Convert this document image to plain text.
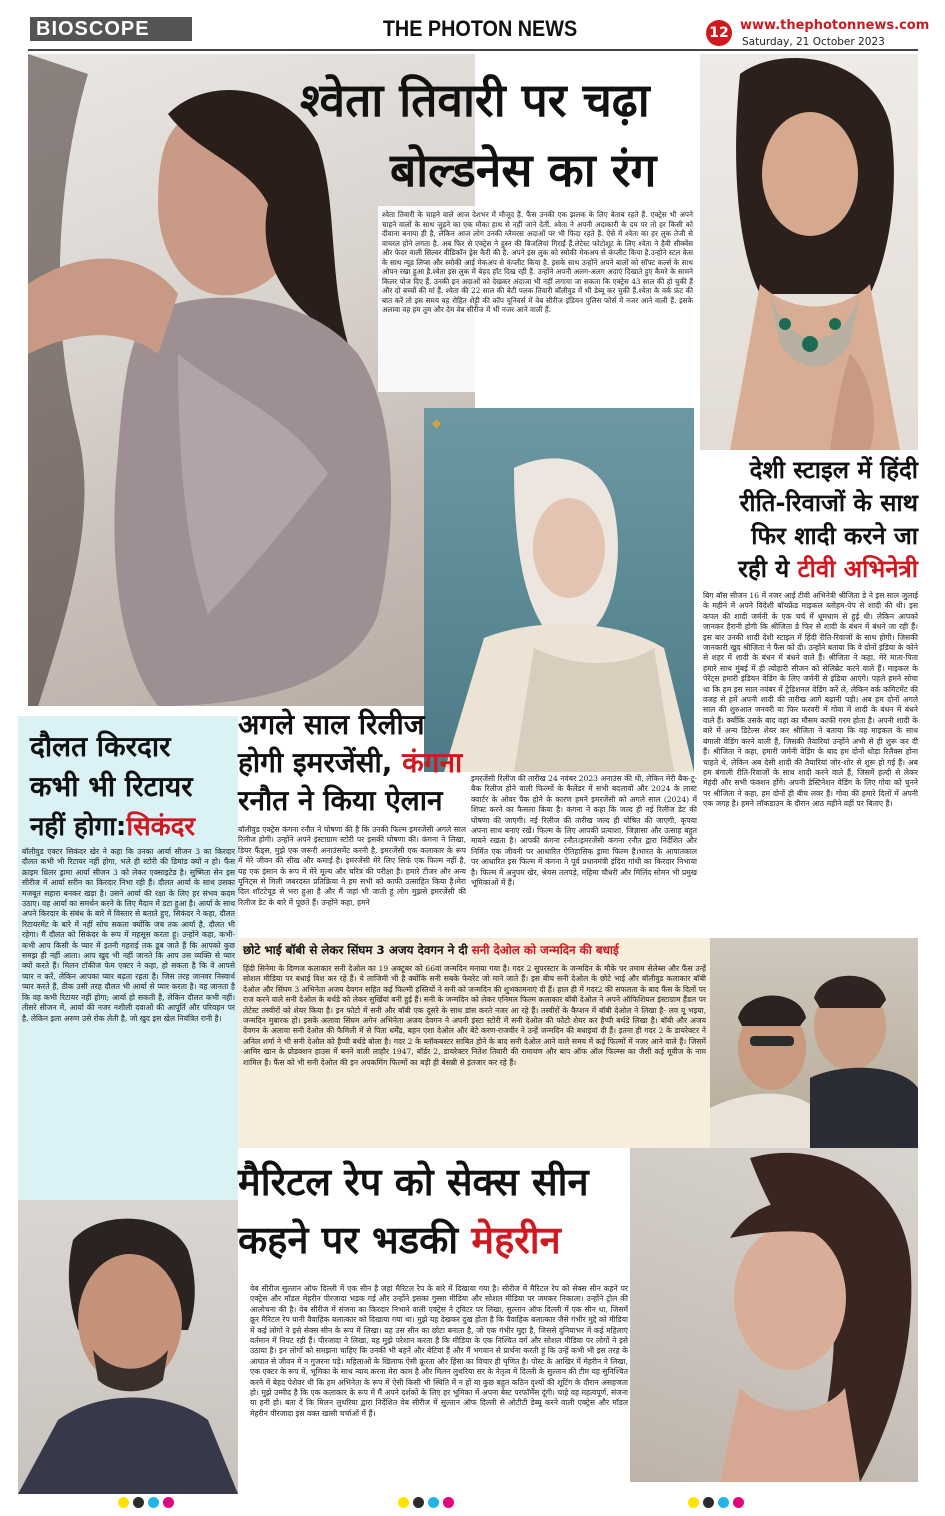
BIOSCOPE	THE PHOTON NEWS	12 www.thephotonnews.com
Saturday, 21 October 2023
श्वेता तिवारी पर चढ़ा
बोल्डनेस का रंग

श्वेता तिवारी के चाहने वाले आज देशभर में मौजूद हैं. फैंस उनकी एक झलक के लिए बेताब रहते हैं. एक्ट्रेस भी अपने चाहने वालों के साथ जुड़ने का एक मौका हाथ से नहीं जाने देतीं. श्वेता ने अपनी अदाकारी के दम पर तो हर किसी को दीवाना बनाया ही है, लेकिन आज लोग उनकी ग्लैमरस अदाओं पर भी फिदा रहते हैं. ऐसे में श्वेता का हर लुक तेजी से वायरल होने लगता है. अब फिर से एक्ट्रेस ने हुस्न की बिजलियां गिराईं हैं.लेटेस्ट फोटोशूट के लिए श्वेता ने हैवी सीक्वेंस और फेदर वाली सिल्वर वीडिकॉन ड्रेस कैरी की है. अपने इस लुक को स्मोकी मेकअप से कंप्लीट किया है.उन्होंने स्टल केस के साथ न्यूड लिप्स और स्मोकी आई मेकअप से कंप्लीट किया है. इसके साथ उन्होंने अपने बालों को सॉफ्ट कर्ल्स के साथ ओपन रखा हुआ है.श्वेता इस लुक में बेहद हॉट दिख रही हैं. उन्होंने अपनी अलग-अलग अदाएं दिखाते हुए कैमरे के सामने किलर पोज दिए हैं. उनकी इन अदाओं को देखकर अंदाजा भी नहीं लगाया जा सकता कि एक्ट्रेस 43 साल की हो चुकी हैं और दो बच्चों की मां हैं. श्वेता की 22 साल की बेटी पलक तिवारी बॉलीवुड में भी डेब्यू कर चुकी हैं.श्वेता के वर्क फ्रंट की बात करें तो इस समय वह रोहित शेट्टी की कॉप यूनिवर्स में वेब सीरीज इंडियन पुलिस फोर्स में नजर आने वाली हैं. इसके अलावा वह हम तुम और देम वेब सीरीज में भी नजर आने वाली हैं.

◆
देशी स्टाइल में हिंदी
रीति-रिवाजों के साथ
फिर शादी करने जा
रही ये टीवी अभिनेत्री

बिग बॉस सीजन 16 में नजर आईं टीवी अभिनेत्री श्रीजिता डे ने इस साल जुलाई के महीने में अपने विदेशी बॉयफ्रेंड माइकल ब्लोहम-पेप से शादी की थी। इस कपल की शादी जर्मनी के एक चर्च में धूमधाम से हुई थी। लेकिन आपको जानकर हैरानी होगी कि श्रीजिता डे फिर से शादी के बंधन में बंधने जा रही हैं। इस बार उनकी शादी देशी स्टाइल में हिंदी रीति-रिवाजों के साथ होगी। जिसकी जानकारी खुद श्रीजिता ने फैंस को दी। उन्होंने बताया कि वे दोनों इंडिया के कोने से शहर में शादी के बंधन में बंधने वाले हैं। श्रीजिता ने कहा, मेरे माता-पिता हमारे साथ मुंबई में ही त्योहारी सीजन को सेलिब्रेट करने वाले हैं। माइकल के पेरेंट्स हमारी इंडियन वेडिंग के लिए जर्मनी से इंडिया आएंगे। पहले हमने सोचा था कि हम इस साल नवंबर में ट्रेडिशनल वेडिंग करें ले, लेकिन वर्क कमिटमेंट की वजह से हमें अपनी शादी की तारीख आगे बढ़ानी पड़ी। अब हम दोनों अगले साल की शुरुआत जनवरी या फिर फरवरी में गोवा में शादी के बंधन में बंधने वाले हैं। क्योंकि उसके बाद वहां का मौसम काफी गरम होता है। अपनी शादी के बारे में अन्य डिटेल्स शेयर कर श्रीजिता ने बताया कि वह माइकल के साथ बंगाली वेडिंग करने वाली हैं, जिसकी तैयारियां उन्होंने अभी से ही शुरू कर दी हैं। श्रीजिता ने कहा, हमारी जर्मनी वेडिंग के बाद हम दोनों थोड़ा रिलैक्स होना चाहते थे, लेकिन अब देसी शादी की तैयारियां जोर-शोर से शुरू हो गई हैं। अब हम बंगाली रीति-रिवाजों के साथ शादी करने वाले हैं, जिसमें हल्दी से लेकर मेहंदी और सभी फंक्शन होंगे। अपनी डेस्टिनेशन वेडिंग के लिए गोवा को चुनने पर श्रीजिता ने कहा, हम दोनों ही बीच लवर हैं। गोवा की हमारे दिलों में अपनी एक जगह है। हमने लॉकडाउन के दौरान आठ महीने वहीं पर बिताए हैं।

दौलत किरदार
कभी भी रिटायर
नहीं होगा:सिकंदर

बॉलीवुड एक्टर सिकंदर खेर ने कहा कि उनका आर्या सीजन 3 का किरदार दौलत कभी भी रिटायर नहीं होगा, भले ही स्टोरी की डिमांड क्यों न हो। फैंस क्राइम थ्रिलर ड्रामा आर्या सीजन 3 को लेकर एक्साइटेड है। सुष्मिता सेन इस सीरीज में आर्या सरीन का किरदार निभा रही हैं। दौलत आर्या के साथ उसका मजबूत सहारा बनकर खड़ा है। उसने आर्या की रक्षा के लिए हर संभव कदम उठाए। वह आर्या का समर्थन करने के लिए मैदान में डटा हुआ है। आर्या के साथ अपने किरदार के संबंध के बारे में विस्तार से बताते हुए, सिकंदर ने कहा, दौलत रिटायरमेंट के बारे में नहीं सोच सकता क्योंकि जब तक आर्या है, दौलत भी रहेगा। मैं दौलत को सिकंदर के रूप में महसूस करता हूं। उन्होंने कहा, कभी-कभी आप किसी के प्यार में इतनी गहराई तक डूब जाते हैं कि आपको कुछ समझ ही नहीं आता। आप खुद भी नहीं जानते कि आप उस व्यक्ति से प्यार क्यों करते हैं। मिलन टॉकीज फेम एक्टर ने कहा, हो सकता है कि वे आपसे प्यार न करें, लेकिन आपका प्यार बढ़ता रहता है। जिस तरह जानवर निस्वार्थ प्यार करते हैं, ठीक उसी तरह दौलत भी आर्या से प्यार करता है। वह जानता है कि वह कभी रिटायर नहीं होगा; आर्या हो सकती है, लेकिन दौलत कभी नहीं। तीसरे सीजन में, आर्या की नजर नशीली दवाओं की आपूर्ति और परिवहन पर है, लेकिन इला अरुण उसे रोक लेती है, जो खुद इस खेल नियंत्रित रानी है।

अगले साल रिलीज
होगी इमरजेंसी, कंगना
रनौत ने किया ऐलान

बॉलीवुड एक्ट्रेस कंगना रनौत ने घोषणा की है कि उनकी फिल्म इमरजेंसी अगले साल रिलीज होगी। उन्होंने अपने इंस्टाग्राम स्टोरी पर इसकी घोषणा की। कंगना ने लिखा, डियर फैंड्स, मुझे एक जरूरी अनाउंसमेंट करनी है, इमरजेंसी एक कलाकार के रूप में मेरे जीवन की सीख और कमाई है। इमरजेंसी मेरे लिए सिर्फ एक फिल्म नहीं है, यह एक इंसान के रूप में मेरे मूल्य और चरित्र की परीक्षा है। हमारे टीजर और अन्य यूनिट्स से मिली जबरदस्त प्रतिक्रिया ने हम सभी को काफी उत्साहित किया है।मेरा दिल शॉटटेयूड से भरा हुआ है और मैं जहां भी जाती हूं लोग मुझसे इमरजेंसी की रिलीज डेट के बारे में पूछते हैं। उन्होंने कहा, हमने

इमरजेंसी रिलीज की तारीख 24 नवंबर 2023 अनाउंस की थी, लेकिन मेरी बैक-टू-बैक रिलीज होने वाली फिल्मों के कैलेंडर में सभी बदलावों और 2024 के लास्ट क्वार्टर के ओवर पैक होने के कारण हमने इमरजेंसी को अगले साल (2024) में शिफ्ट करने का फैसला किया है। कंगना ने कहा कि जल्द ही नई रिलीज डेट की घोषणा की जाएगी। नई रिलीज की तारीख जल्द ही घोषित की जाएगी, कृपया अपना साथ बनाए रखें। फिल्म के लिए आपकी प्रत्याशा, जिज्ञासा और उत्साह बहुत मायने रखता है। आपकी कंगना रनौत।इमरजेंसी कंगना रनौत द्वारा निर्देशित और निर्मित एक जीवनी पर आधारित ऐतिहासिक ड्रामा फिल्म है।भारत के आपातकाल पर आधारित इस फिल्म में कंगना ने पूर्व प्रधानमंत्री इंदिरा गांधी का किरदार निभाया है। फिल्म में अनुपम खेर, श्रेयस तलपड़े, महिमा चौधरी और मिलिंद सोमन भी प्रमुख भूमिकाओं में हैं।

छोटे भाई बॉबी से लेकर सिंघम 3 अजय देवगन ने दी सनी देओल को जन्मदिन की बधाई

हिंदी सिनेमा के दिग्गज कलाकार सनी देओल का 19 अक्टूबर को 66वां जन्मदिन मनाया गया है। गदर 2 सुपरस्टार के जन्मदिन के मौके पर तमाम सेलेब्स और फैंस उन्हें सोशल मीडिया पर बधाई विश कर रहे हैं। ये लाजिमी भी है क्योंकि सनी सबके फेवरेट जो माने जाते हैं। इस बीच सनी देओल के छोटे भाई और बॉलीवुड कलाकार बॉबी देओल और सिंघम 3 अभिनेता अजय देवगन सहित कई फिल्मी हस्तियों ने सनी को जन्मदिन की शुभकामनाएं दी हैं। हाल ही में गदर2 की सफलता के बाद फैंस के दिलों पर राज करने वाले सनी देओल के बर्थडे को लेकर सुर्खियां बनी हुई हैं। सनी के जन्मदिन को लेकर एनिमल फिल्म कलाकार बॉबी देओल ने अपने ऑफिशियल इंस्टाग्राम हैंडल पर लेटेस्ट तस्वीरों को शेयर किया है। इन फोटो में सनी और बॉबी एक दूसरे के साथ डांस करते नजर आ रहे हैं। तस्वीरों के कैप्शन में बॉबी देओल ने लिखा है- लव यू भइया, जन्मदिन मुबारक हो। इसके अलावा सिंघम अगेन अभिनेता अजय देवगन ने अपनी इंस्टा स्टोरी में सनी देओल की फोटो शेयर कर हैप्पी बर्थडे लिखा है। बॉबी और अजय देवगन के अलावा सनी देओल की फैमिली में से पिता धर्मेंद्र, बहन एशा देओल और बेटे करण-राजवीर ने उन्हें जन्मदिन की बधाइयां दी हैं। इतना ही गदर 2 के डायरेक्टर ने अनिल शर्मा ने भी सनी देओल को हैप्पी बर्थडे बोला है। गदर 2 के ब्लॉकबस्टर साबित होने के बाद सनी देओल आने वाले समय में कई फिल्मों में नजर आने वाले हैं। जिसमें आमिर खान के प्रोडक्शन हाउस में बनने वाली लाहौर 1947, बॉर्डर 2, डायरेक्टर नितेश तिवारी की रामायण और बाप ऑफ ऑल फिल्म्स का जैसी कई मूवीज के नाम शामिल हैं। फैंस को भी सनी देओल की इन अपकमिंग फिल्मों का बड़ी ही बेसब्री से इंतजार कर रहे हैं।

मैरिटल रेप को सेक्स सीन
कहने पर भडकी मेहरीन

वेब सीरीज सुल्तान ऑफ दिल्ली में एक सीन है जहां मैरिटल रेप के बारे में दिखाया गया है। सीरीज में मैरिटल रेप को सेक्स सीन कहने पर एक्ट्रेस और मॉडल मेहरीन पीरजादा भड़क गई और उन्होंने इसका गुस्सा मीडिया और सोशल मीडिया पर जमकर निकाला। उन्होंने ट्रोल की आलोचना की है। वेब सीरीज में संजना का किरदार निभाने वाली एक्ट्रेस ने ट्विटर पर लिखा, सुल्तान ऑफ दिल्ली में एक सीन था, जिसमें क्रूर मैरिटल रेप यानी वैवाहिक बलात्कार को दिखाया गया था। मुझे यह देखकर दुख होता है कि वैवाहिक बलात्कार जैसे गंभीर मुद्दे को मीडिया में कई लोगों ने इसे सेक्स सीन के रूप में लिखा। यह उस सीन का छोटा बनाता है, जो एक गंभीर मुद्दा है, जिससे दुनियाभर में कई महिलाएं वर्तमान में निपट रही हैं। पीरजादा ने लिखा, यह मुझे परेशान करता है कि मीडिया के एक निश्चित वर्ग और सोशल मीडिया पर लोगों ने इसे उठाया है। इन लोगों को समझना चाहिए कि उनकी भी बहनें और बेटियां हैं और मैं भगवान से प्रार्थना करती हूं कि उन्हें कभी भी इस तरह के आघात से जीवन में न गुजरना पड़े। महिलाओं के खिलाफ ऐसी क्रूरता और हिंसा का विचार ही घृणित है। पोस्ट के आखिर में मेहरीन ने लिखा, एक एक्टर के रूप में, भूमिका के साथ न्याय करना मेरा काम है और मिलन लुथरिया सर के नेतृत्व में दिल्ली के सुल्तान की टीम यह सुनिश्चित करने में बेहद पेशेवर थी कि हम अभिनेता के रूप में ऐसी किसी भी स्थिति में न हों या कुछ बहुत कठिन दृश्यों की शूटिंग के दौरान असहजता हो। मुझे उम्मीद है कि एक कलाकार के रूप में मैं अपने दर्शकों के लिए हर भूमिका में अपना बेस्ट परफॉर्मेंस दूंगी। चाहे वह महत्वपूर्ण, संजना या हनी हो। बता दें कि मिलन लुथरिया द्वारा निर्देशित वेब सीरीज में सुल्तान ऑफ दिल्ली से ओटीटी डेब्यू करने वाली एक्ट्रेस और मॉडल मेहरीन पीरजादा इस वक्त खासी चर्चाओं में हैं।
